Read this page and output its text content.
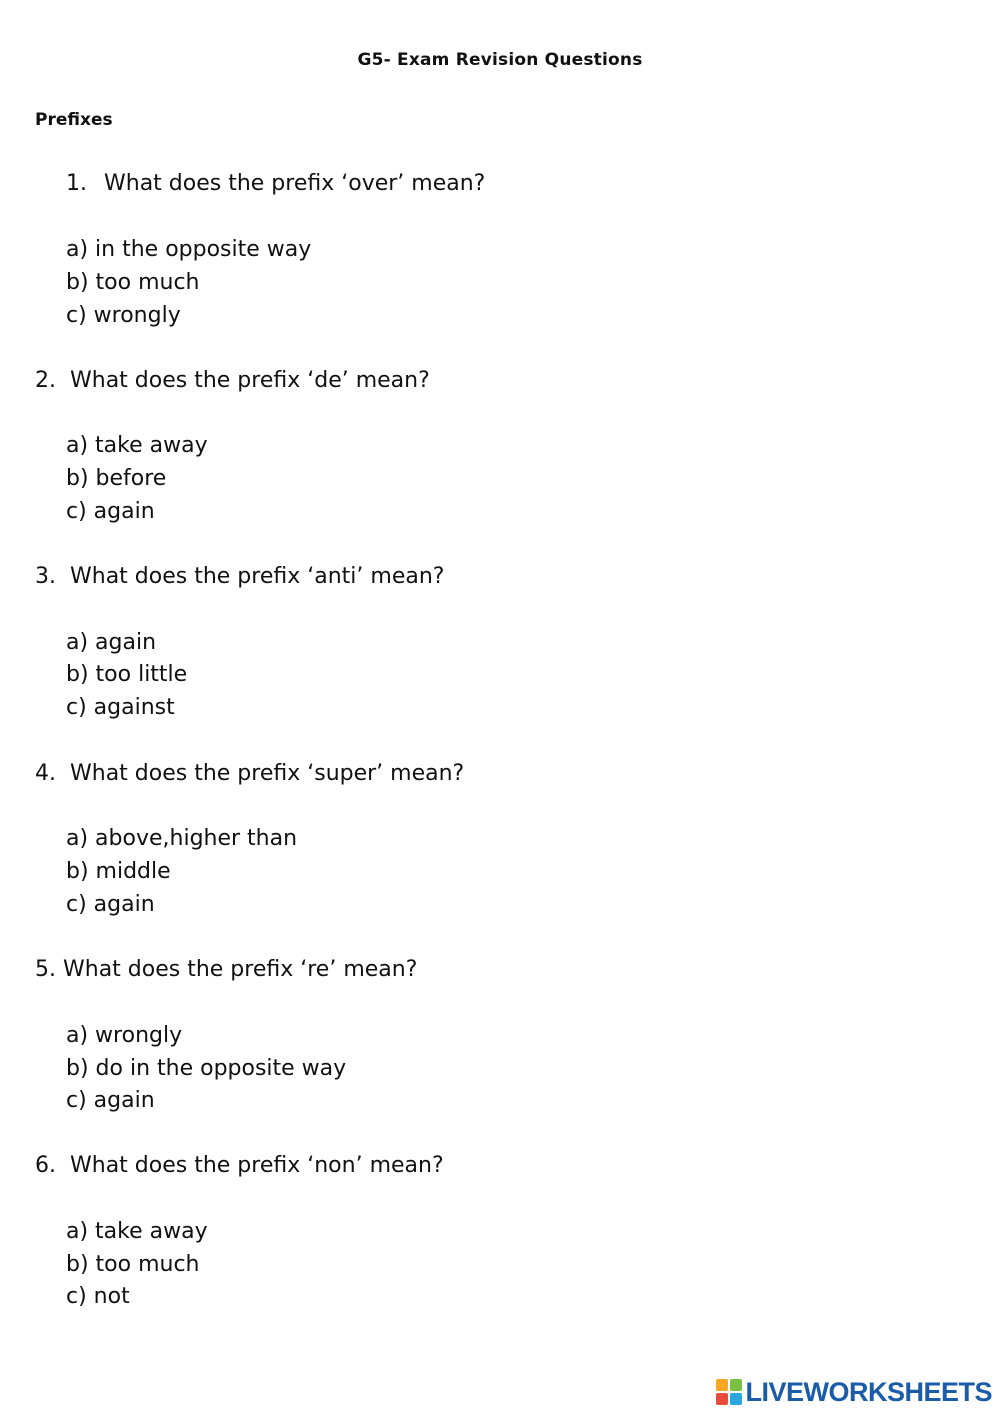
G5- Exam Revision Questions
Prefixes
1. What does the prefix ‘over’ mean?
a) in the opposite way
b) too much
c) wrongly
2. What does the prefix ‘de’ mean?
a) take away
b) before
c) again
3. What does the prefix ‘anti’ mean?
a) again
b) too little
c) against
4. What does the prefix ‘super’ mean?
a) above,higher than
b) middle
c) again
5. What does the prefix ‘re’ mean?
a) wrongly
b) do in the opposite way
c) again
6. What does the prefix ‘non’ mean?
a) take away
b) too much
c) not
LIVEWORKSHEETS
